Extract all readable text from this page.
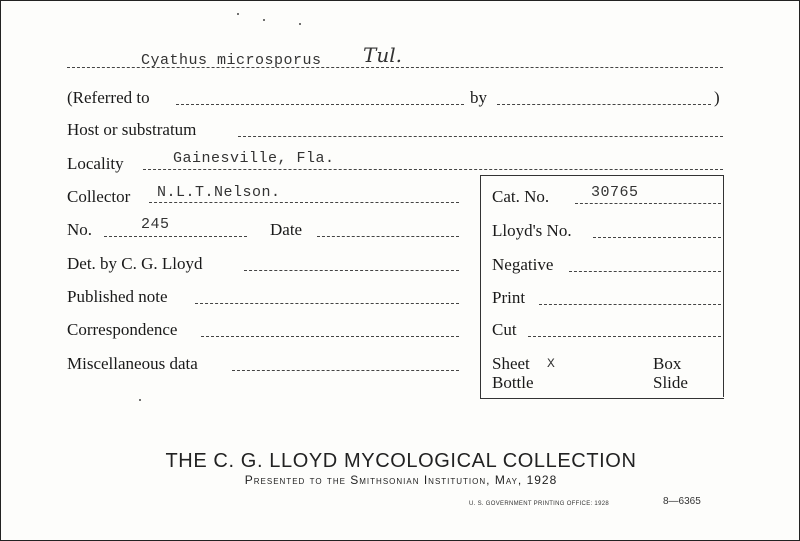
Cyathus microsporus Tul.
(Referred to	by	)
Host or substratum
Locality	Gainesville, Fla.
Collector N.L.T.Nelson.
No.	245	Date
Det. by C. G. Lloyd
Published note
Correspondence
Miscellaneous data
Cat. No.	30765
Lloyd's No.
Negative
Print
Cut
Sheet X	Box
Bottle	Slide
THE C. G. LLOYD MYCOLOGICAL COLLECTION
Presented to the Smithsonian Institution, May, 1928
U. S. GOVERNMENT PRINTING OFFICE: 1928	8—6365
